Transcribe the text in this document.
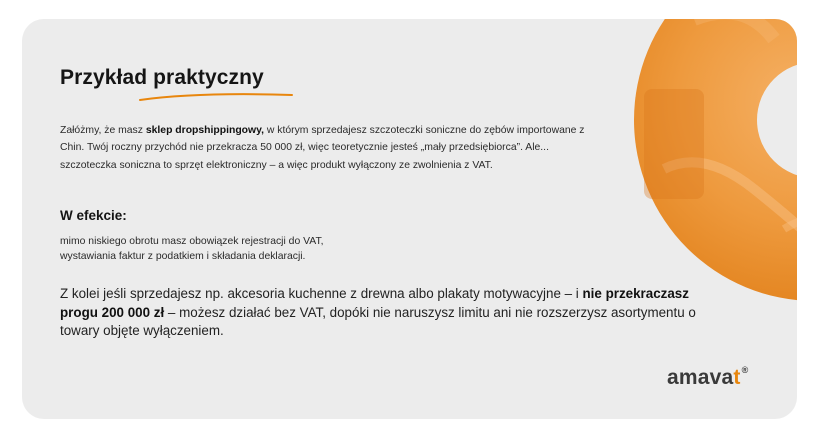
Przykład praktyczny

Załóżmy, że masz sklep dropshippingowy, w którym sprzedajesz szczoteczki soniczne do zębów importowane z Chin. Twój roczny przychód nie przekracza 50 000 zł, więc teoretycznie jesteś „mały przedsiębiorca”. Ale... szczoteczka soniczna to sprzęt elektroniczny – a więc produkt wyłączony ze zwolnienia z VAT.

W efekcie:

mimo niskiego obrotu masz obowiązek rejestracji do VAT,
wystawiania faktur z podatkiem i składania deklaracji.

Z kolei jeśli sprzedajesz np. akcesoria kuchenne z drewna albo plakaty motywacyjne – i nie przekraczasz progu 200 000 zł – możesz działać bez VAT, dopóki nie naruszysz limitu ani nie rozszerzysz asortymentu o towary objęte wyłączeniem.

amavat®
